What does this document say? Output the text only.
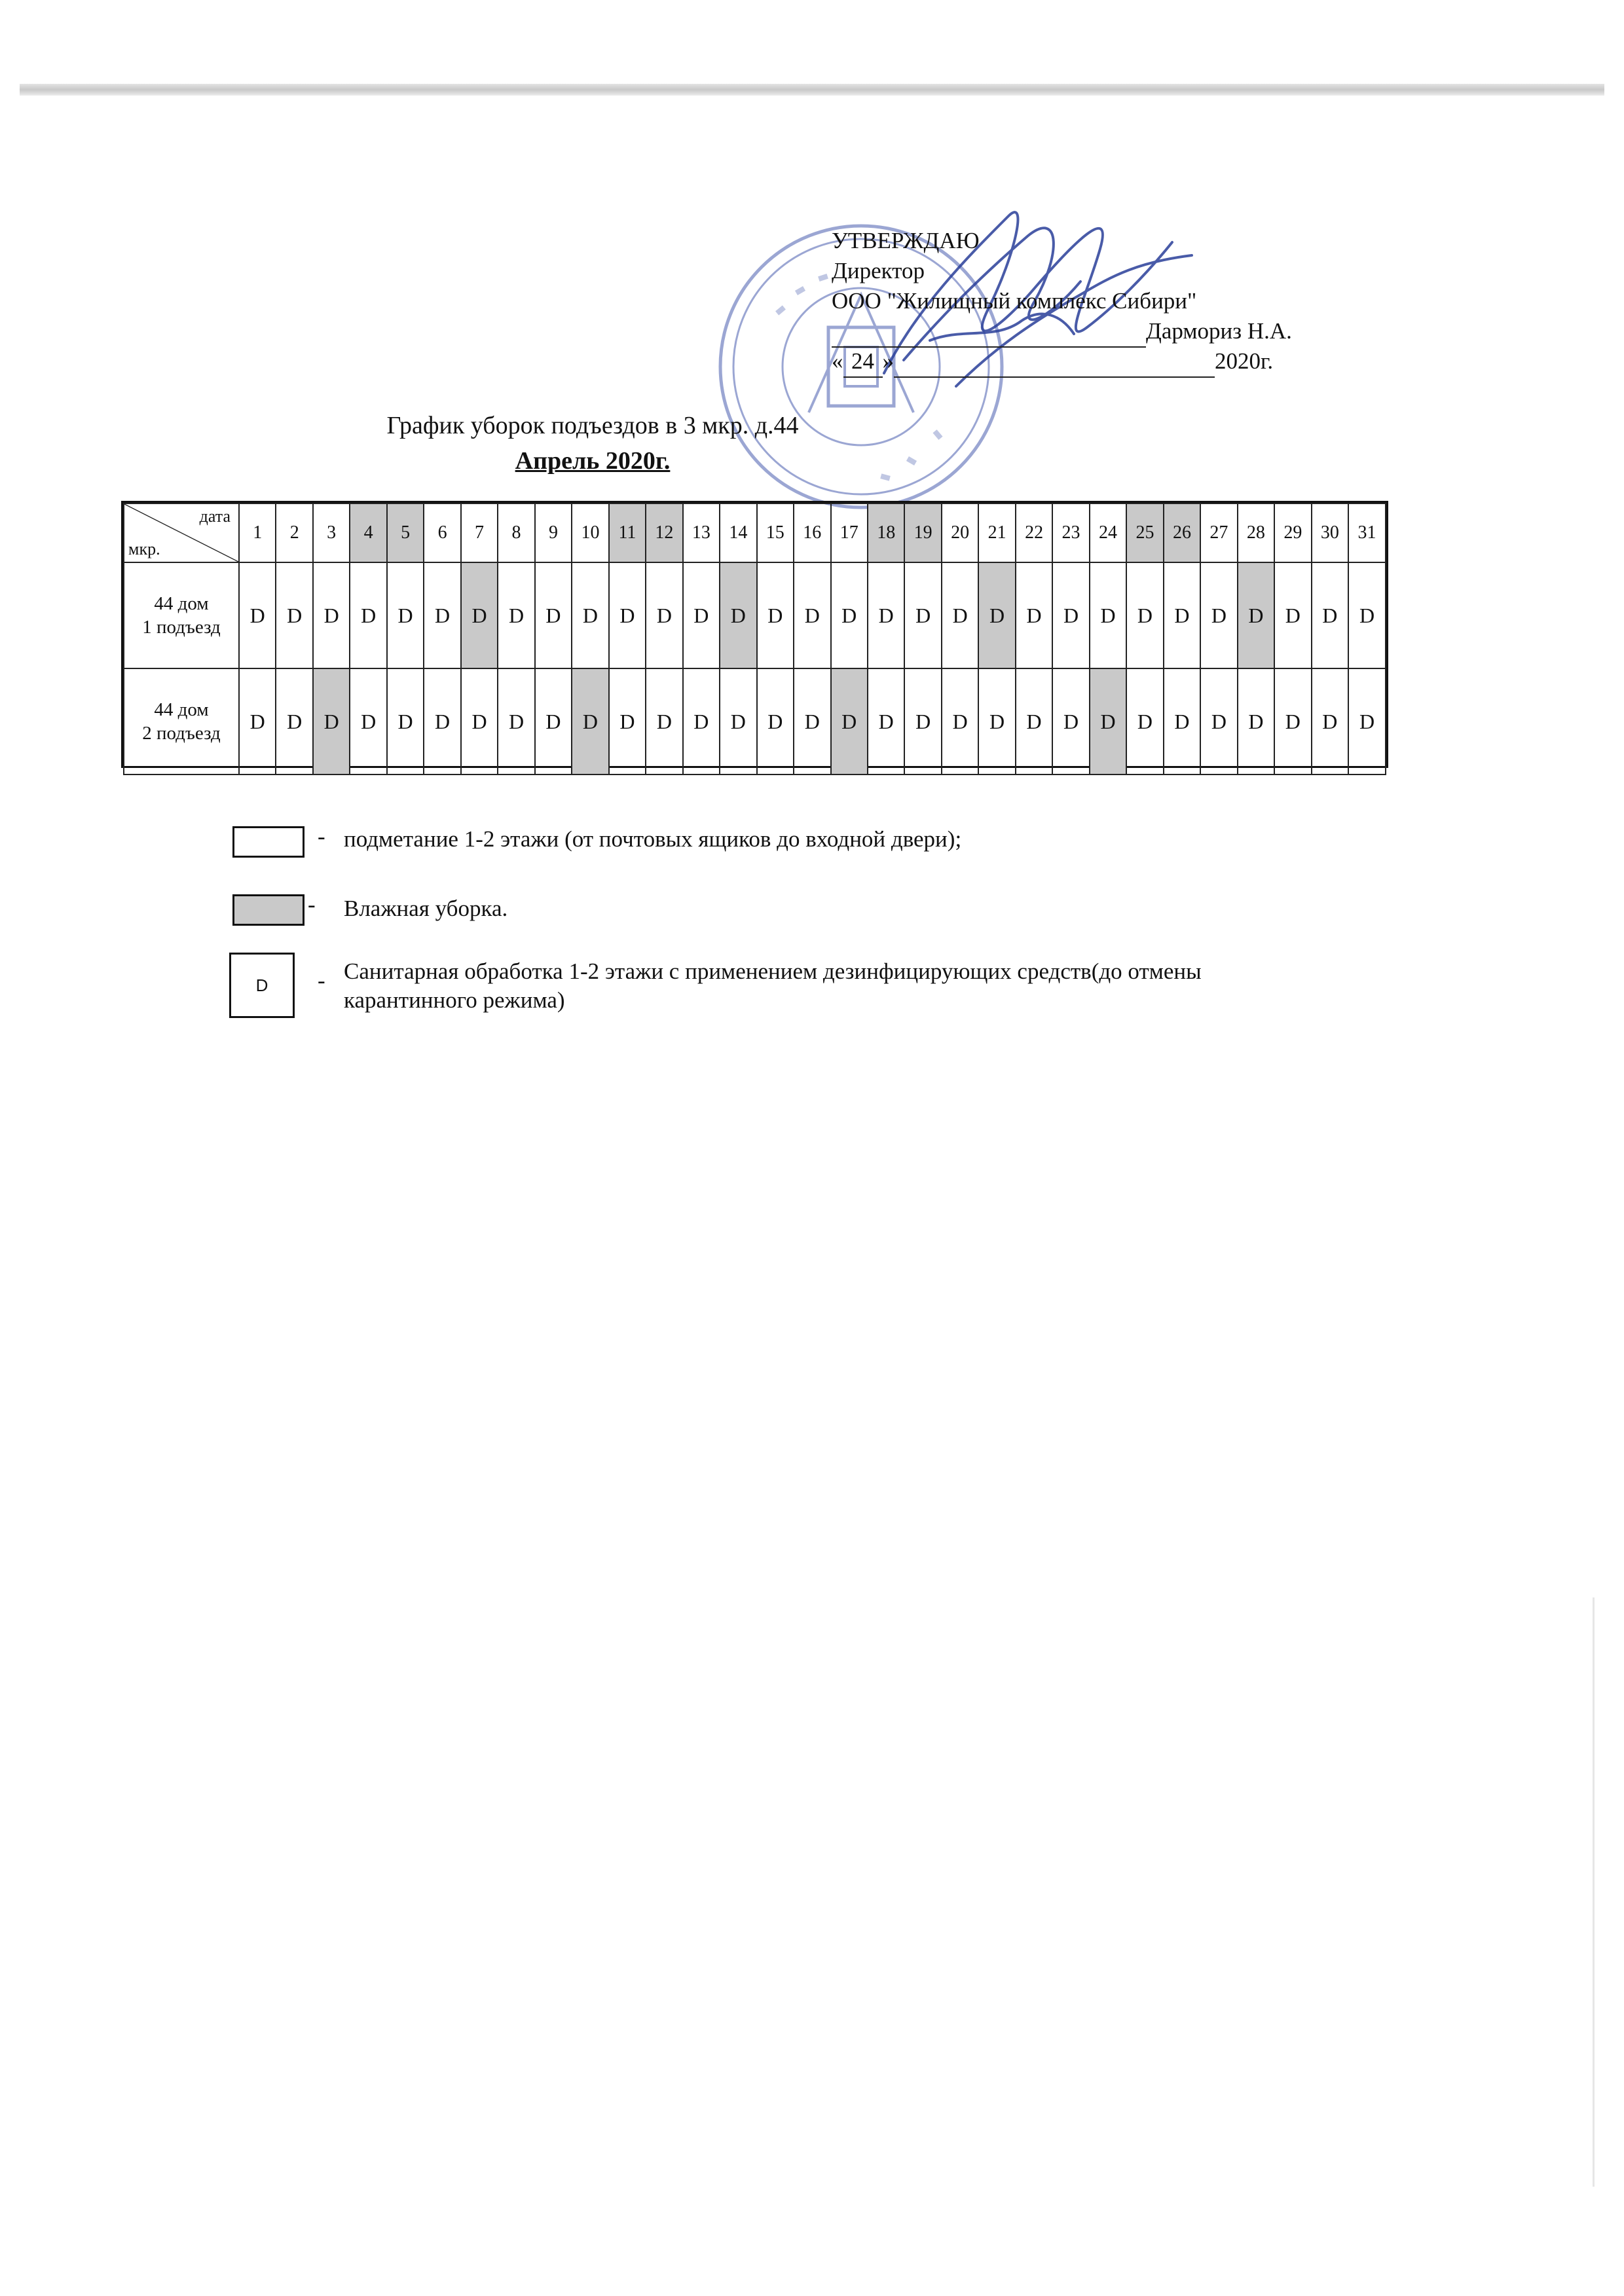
УТВЕРЖДАЮ
Директор
ООО "Жилищный комплекс Сибири"
Дармориз Н.А.
« 24 »	2020г.
График уборок подъездов в 3 мкр. д.44
Апрель 2020г.
дата
мкр.	1	2	3	4	5	6	7	8	9	10	11	12	13	14	15	16	17	18	19	20	21	22	23	24	25	26	27	28	29	30	31
44 дом
1 подъезд	D	D	D	D	D	D	D	D	D	D	D	D	D	D	D	D	D	D	D	D	D	D	D	D	D	D	D	D	D	D	D
44 дом
2 подъезд	D	D	D	D	D	D	D	D	D	D	D	D	D	D	D	D	D	D	D	D	D	D	D	D	D	D	D	D	D	D	D
- подметание 1-2 этажи (от почтовых ящиков до входной двери);
- Влажная уборка.
D	- Санитарная обработка 1-2 этажи с применением дезинфицирующих средств(до отмены
карантинного режима)
